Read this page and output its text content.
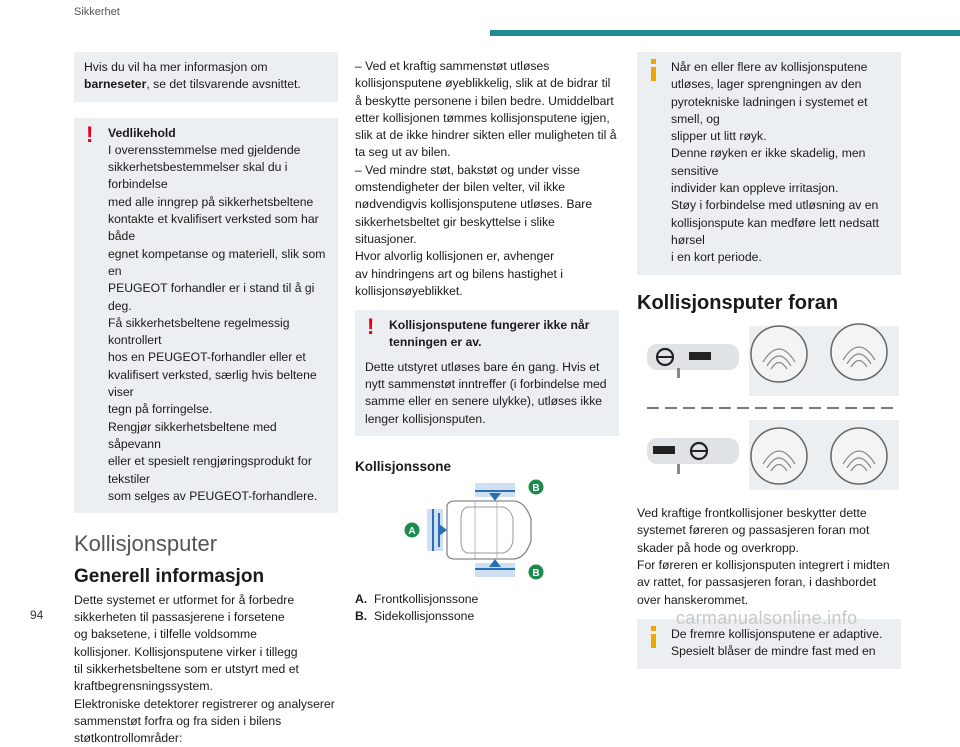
Sikkerhet

Hvis du vil ha mer informasjon om
barneseter, se det tilsvarende avsnittet.

! Vedlikehold

I overensstemmelse med gjeldende
sikkerhetsbestemmelser skal du i forbindelse
med alle inngrep på sikkerhetsbeltene
kontakte et kvalifisert verksted som har både
egnet kompetanse og materiell, slik som en
PEUGEOT forhandler er i stand til å gi deg.
Få sikkerhetsbeltene regelmessig kontrollert
hos en PEUGEOT-forhandler eller et
kvalifisert verksted, særlig hvis beltene viser
tegn på forringelse.
Rengjør sikkerhetsbeltene med såpevann
eller et spesielt rengjøringsprodukt for tekstiler
som selges av PEUGEOT-forhandlere.
Kollisjonsputer
Generell informasjon
Dette systemet er utformet for å forbedre
sikkerheten til passasjerene i forsetene
og baksetene, i tilfelle voldsomme
kollisjoner. Kollisjonsputene virker i tillegg
til sikkerhetsbeltene som er utstyrt med et
kraftbegrensningssystem.
Elektroniske detektorer registrerer og analyserer
sammenstøt forfra og fra siden i bilens
støtkontrollområder:
– Ved et kraftig sammenstøt utløses
kollisjonsputene øyeblikkelig, slik at de bidrar til
å beskytte personene i bilen bedre. Umiddelbart
etter kollisjonen tømmes kollisjonsputene igjen,
slik at de ikke hindrer sikten eller muligheten til å
ta seg ut av bilen.
– Ved mindre støt, bakstøt og under visse
omstendigheter der bilen velter, vil ikke
nødvendigvis kollisjonsputene utløses. Bare
sikkerhetsbeltet gir beskyttelse i slike situasjoner.
Hvor alvorlig kollisjonen er, avhenger
av hindringens art og bilens hastighet i
kollisjonsøyeblikket.
! Kollisjonsputene fungerer ikke når
tenningen er av.
Dette utstyret utløses bare én gang. Hvis et
nytt sammenstøt inntreffer (i forbindelse med
samme eller en senere ulykke), utløses ikke
lenger kollisjonsputen.
Kollisjonssone
A
B
B
A. Frontkollisjonssone
B. Sidekollisjonssone
Når en eller flere av kollisjonsputene
utløses, lager sprengningen av den
pyrotekniske ladningen i systemet et smell, og
slipper ut litt røyk.
Denne røyken er ikke skadelig, men sensitive
individer kan oppleve irritasjon.
Støy i forbindelse med utløsning av en
kollisjonspute kan medføre lett nedsatt hørsel
i en kort periode.
Kollisjonsputer foran
Ved kraftige frontkollisjoner beskytter dette
systemet føreren og passasjeren foran mot
skader på hode og overkropp.
For føreren er kollisjonsputen integrert i midten
av rattet, for passasjeren foran, i dashbordet
over hanskerommet.
De fremre kollisjonsputene er adaptive.
Spesielt blåser de mindre fast med en
94	carmanualsonline.info
